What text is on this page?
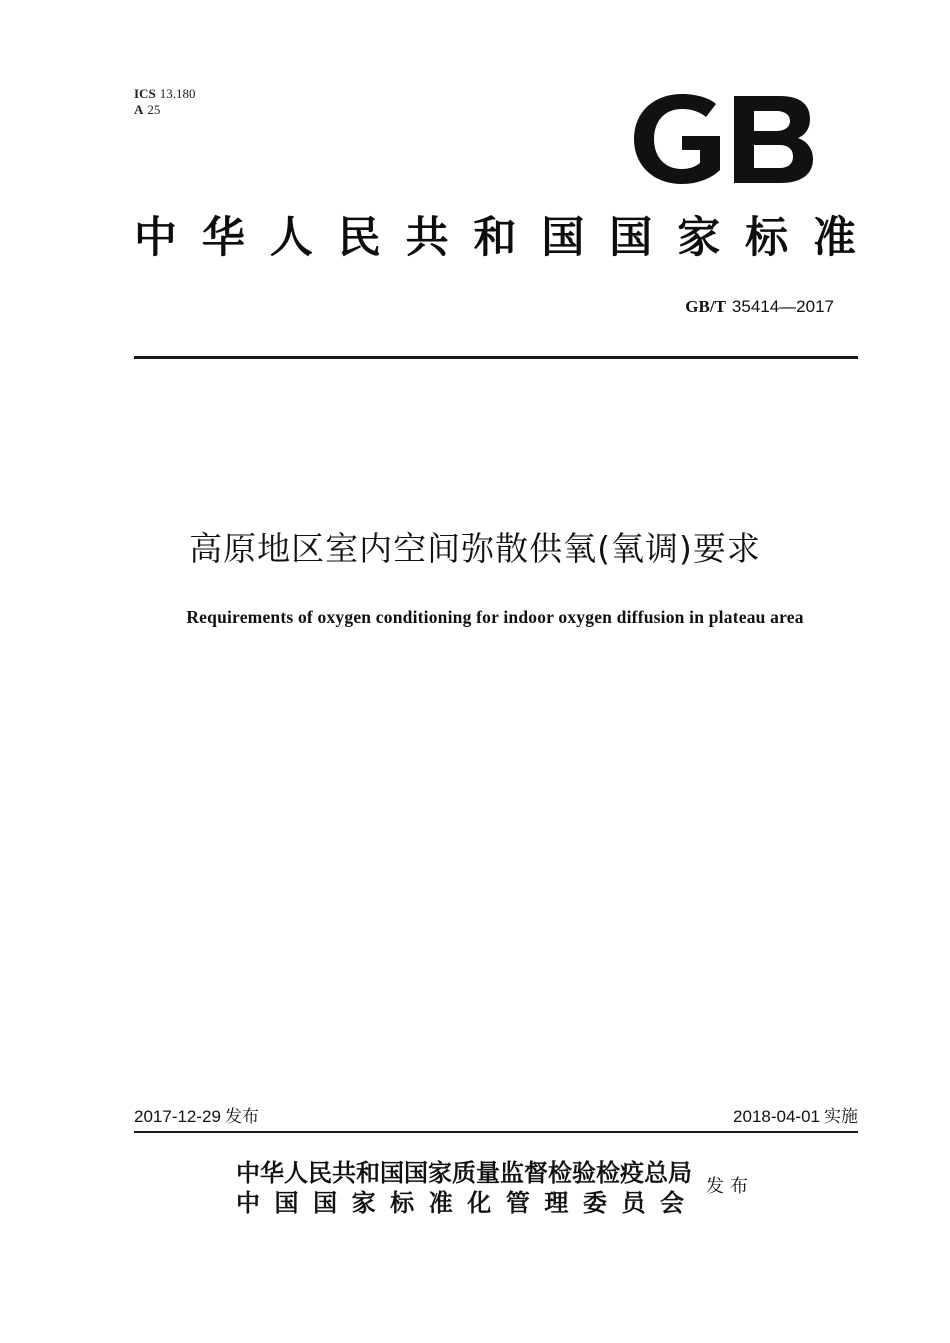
ICS 13.180
A 25
中华人民共和国国家标准
GB/T 35414—2017
高原地区室内空间弥散供氧(氧调)要求
Requirements of oxygen conditioning for indoor oxygen diffusion in plateau area
2017-12-29 发布	2018-04-01 实施
中华人民共和国国家质量监督检验检疫总局
中国国家标准化管理委员会
发布
